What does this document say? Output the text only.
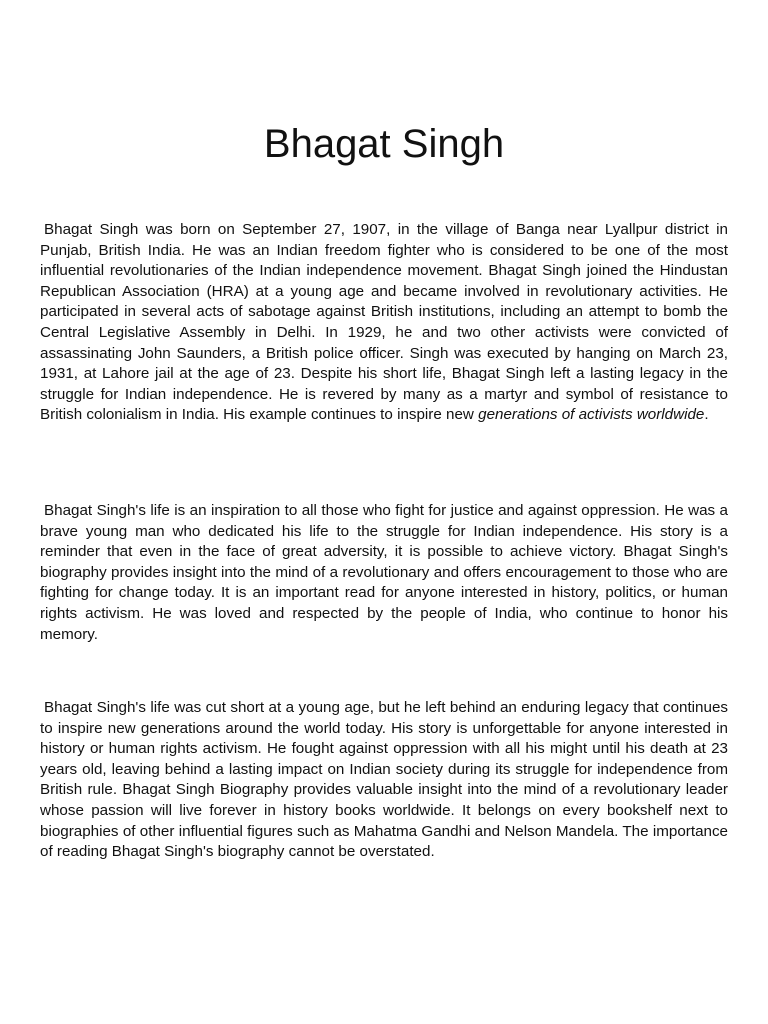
Bhagat Singh

Bhagat Singh was born on September 27, 1907, in the village of Banga near Lyallpur district in Punjab, British India. He was an Indian freedom fighter who is considered to be one of the most influential revolutionaries of the Indian independence movement. Bhagat Singh joined the Hindustan Republican Association (HRA) at a young age and became involved in revolutionary activities. He participated in several acts of sabotage against British institutions, including an attempt to bomb the Central Legislative Assembly in Delhi. In 1929, he and two other activists were convicted of assassinating John Saunders, a British police officer. Singh was executed by hanging on March 23, 1931, at Lahore jail at the age of 23. Despite his short life, Bhagat Singh left a lasting legacy in the struggle for Indian independence. He is revered by many as a martyr and symbol of resistance to British colonialism in India. His example continues to inspire new generations of activists worldwide.

Bhagat Singh's life is an inspiration to all those who fight for justice and against oppression. He was a brave young man who dedicated his life to the struggle for Indian independence. His story is a reminder that even in the face of great adversity, it is possible to achieve victory. Bhagat Singh's biography provides insight into the mind of a revolutionary and offers encouragement to those who are fighting for change today. It is an important read for anyone interested in history, politics, or human rights activism. He was loved and respected by the people of India, who continue to honor his memory.

Bhagat Singh's life was cut short at a young age, but he left behind an enduring legacy that continues to inspire new generations around the world today. His story is unforgettable for anyone interested in history or human rights activism. He fought against oppression with all his might until his death at 23 years old, leaving behind a lasting impact on Indian society during its struggle for independence from British rule. Bhagat Singh Biography provides valuable insight into the mind of a revolutionary leader whose passion will live forever in history books worldwide. It belongs on every bookshelf next to biographies of other influential figures such as Mahatma Gandhi and Nelson Mandela. The importance of reading Bhagat Singh's biography cannot be overstated.
